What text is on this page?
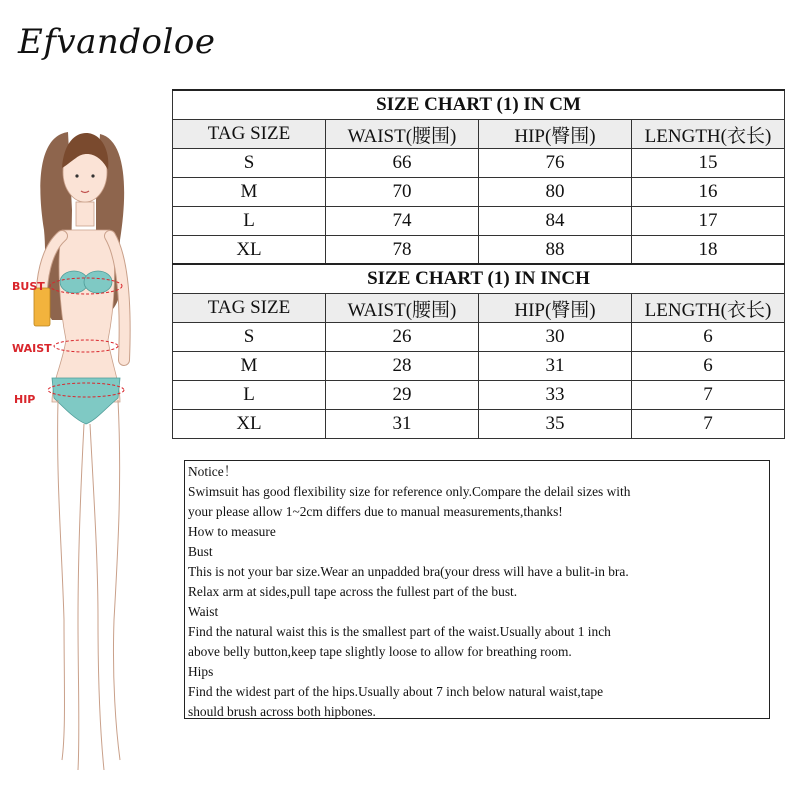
Efvandoloe
BUST
WAIST
HIP
SIZE CHART (1) IN CM			
TAG SIZE	WAIST(腰围)	HIP(臀围)	LENGTH(衣长)
S	66	76	15
M	70	80	16
L	74	84	17
XL	78	88	18
SIZE CHART (1) IN INCH			
TAG SIZE	WAIST(腰围)	HIP(臀围)	LENGTH(衣长)
S	26	30	6
M	28	31	6
L	29	33	7
XL	31	35	7
Notice！
Swimsuit has good flexibility size for reference only.Compare the delail sizes with
your please allow 1~2cm differs due to manual measurements,thanks!
How to measure
Bust
This is not your bar size.Wear an unpadded bra(your dress will have a bulit-in bra.
Relax arm at sides,pull tape across the fullest part of the bust.
Waist
Find the natural waist this is the smallest part of the waist.Usually about 1 inch
above belly button,keep tape slightly loose to allow for breathing room.
Hips
Find the widest part of the hips.Usually about 7 inch below natural waist,tape
should brush across both hipbones.
